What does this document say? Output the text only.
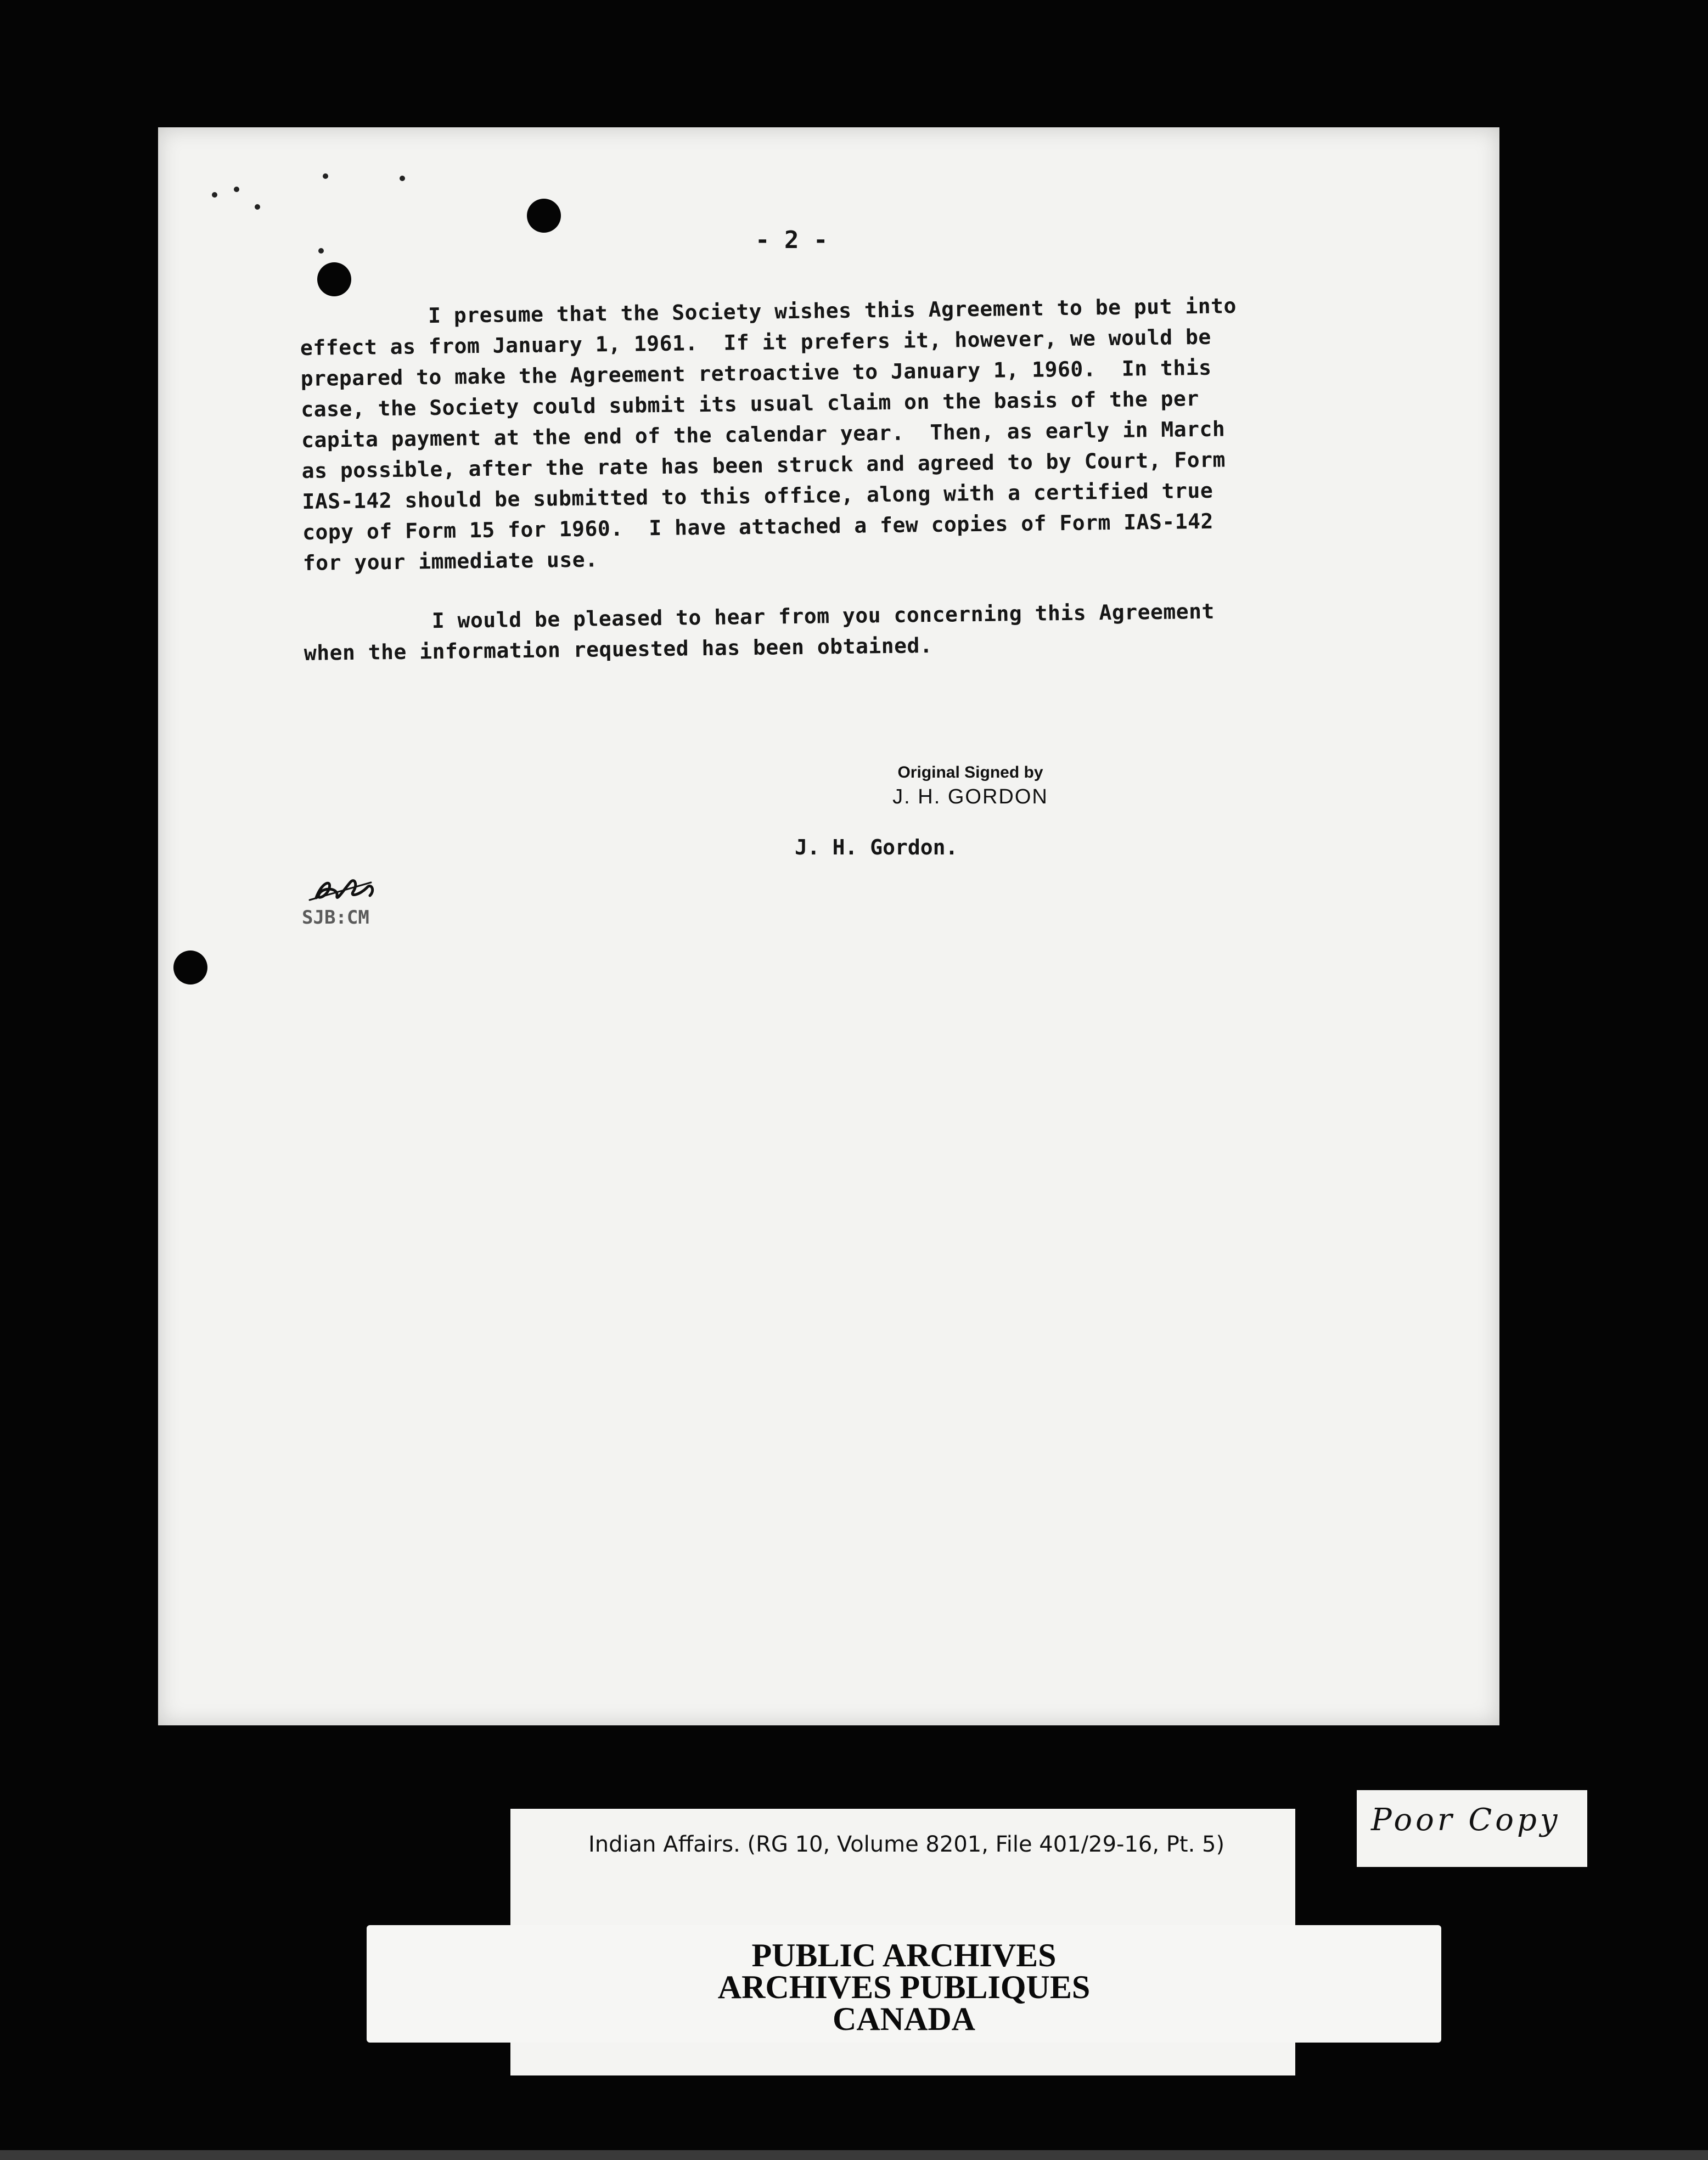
- 2 -
I presume that the Society wishes this Agreement to be put into
effect as from January 1, 1961.  If it prefers it, however, we would be
prepared to make the Agreement retroactive to January 1, 1960.  In this
case, the Society could submit its usual claim on the basis of the per
capita payment at the end of the calendar year.  Then, as early in March
as possible, after the rate has been struck and agreed to by Court, Form
IAS-142 should be submitted to this office, along with a certified true
copy of Form 15 for 1960.  I have attached a few copies of Form IAS-142
for your immediate use.
I would be pleased to hear from you concerning this Agreement
when the information requested has been obtained.
Original Signed by
J. H. GORDON
J. H. Gordon.
SJB:CM
Indian Affairs. (RG 10, Volume 8201, File 401/29-16, Pt. 5)
Poor Copy
PUBLIC ARCHIVES
ARCHIVES PUBLIQUES
CANADA
